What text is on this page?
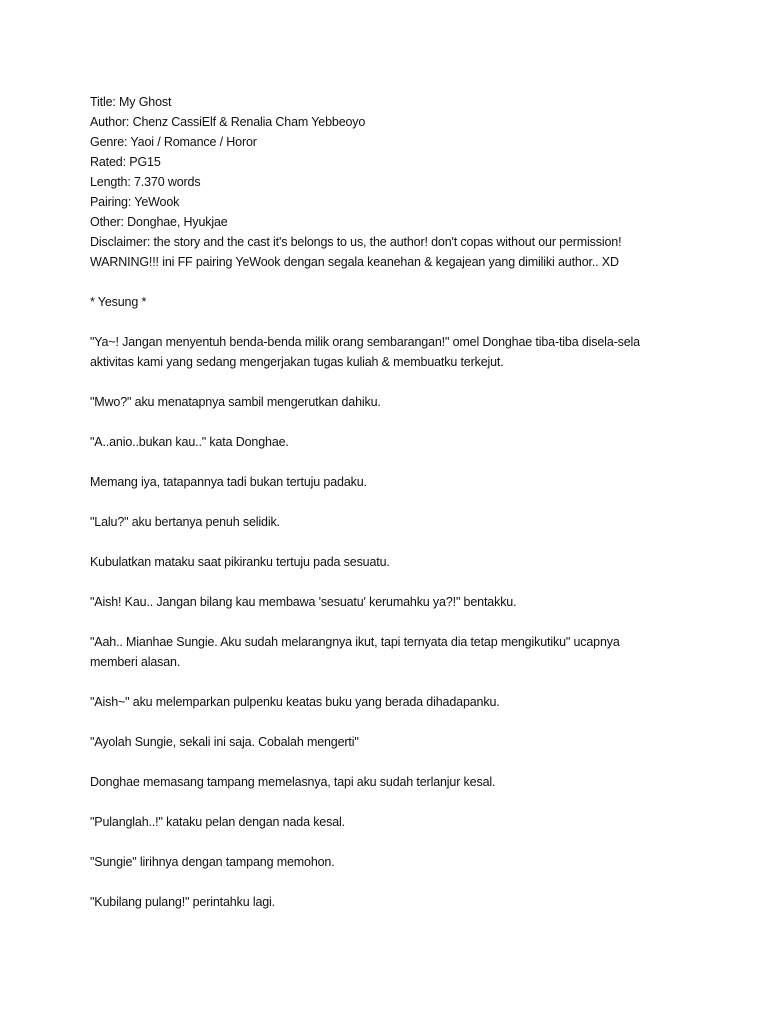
Title: My Ghost
Author: Chenz CassiElf & Renalia Cham Yebbeoyo
Genre: Yaoi / Romance / Horor
Rated: PG15
Length: 7.370 words
Pairing: YeWook
Other: Donghae, Hyukjae
Disclaimer: the story and the cast it's belongs to us, the author! don't copas without our permission!
WARNING!!! ini FF pairing YeWook dengan segala keanehan & kegajean yang dimiliki author.. XD
* Yesung *

"Ya~! Jangan menyentuh benda-benda milik orang sembarangan!" omel Donghae tiba-tiba disela-sela
aktivitas kami yang sedang mengerjakan tugas kuliah & membuatku terkejut.

"Mwo?" aku menatapnya sambil mengerutkan dahiku.

"A..anio..bukan kau.." kata Donghae.

Memang iya, tatapannya tadi bukan tertuju padaku.

"Lalu?" aku bertanya penuh selidik.

Kubulatkan mataku saat pikiranku tertuju pada sesuatu.

"Aish! Kau.. Jangan bilang kau membawa 'sesuatu' kerumahku ya?!" bentakku.

"Aah.. Mianhae Sungie. Aku sudah melarangnya ikut, tapi ternyata dia tetap mengikutiku" ucapnya
memberi alasan.

"Aish~" aku melemparkan pulpenku keatas buku yang berada dihadapanku.

"Ayolah Sungie, sekali ini saja. Cobalah mengerti"

Donghae memasang tampang memelasnya, tapi aku sudah terlanjur kesal.

"Pulanglah..!" kataku pelan dengan nada kesal.

"Sungie" lirihnya dengan tampang memohon.

"Kubilang pulang!" perintahku lagi.
